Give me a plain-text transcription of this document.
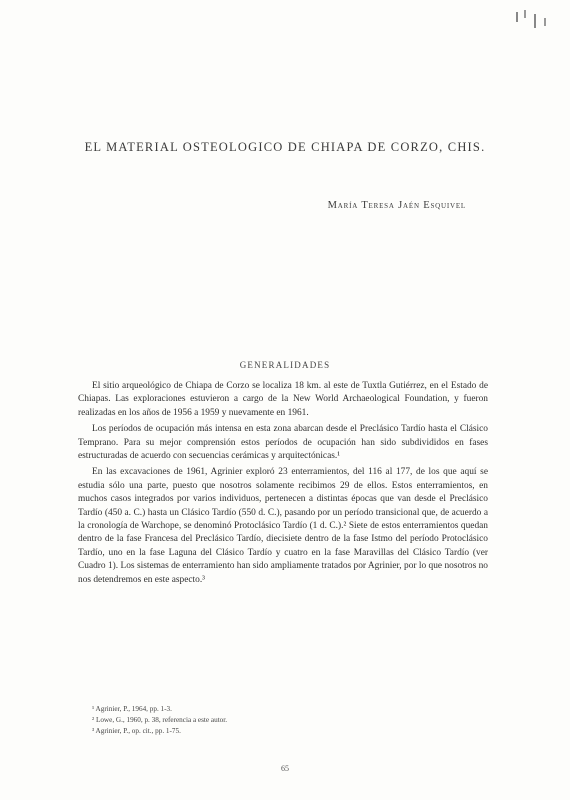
EL MATERIAL OSTEOLOGICO DE CHIAPA DE CORZO, CHIS.
María Teresa Jaén Esquivel
GENERALIDADES

El sitio arqueológico de Chiapa de Corzo se localiza 18 km. al este de Tuxtla Gutiérrez, en el Estado de Chiapas. Las exploraciones estuvieron a cargo de la New World Archaeological Foundation, y fueron realizadas en los años de 1956 a 1959 y nuevamente en 1961.

Los períodos de ocupación más intensa en esta zona abarcan desde el Preclásico Tardío hasta el Clásico Temprano. Para su mejor comprensión estos períodos de ocupación han sido subdivididos en fases estructuradas de acuerdo con secuencias cerámicas y arquitectónicas.¹

En las excavaciones de 1961, Agrinier exploró 23 enterramientos, del 116 al 177, de los que aquí se estudia sólo una parte, puesto que nosotros solamente recibimos 29 de ellos. Estos enterramientos, en muchos casos integrados por varios individuos, pertenecen a distintas épocas que van desde el Preclásico Tardío (450 a. C.) hasta un Clásico Tardío (550 d. C.), pasando por un período transicional que, de acuerdo a la cronología de Warchope, se denominó Protoclásico Tardío (1 d. C.).² Siete de estos enterramientos quedan dentro de la fase Francesa del Preclásico Tardío, diecisiete dentro de la fase Istmo del período Protoclásico Tardío, uno en la fase Laguna del Clásico Tardío y cuatro en la fase Maravillas del Clásico Tardío (ver Cuadro 1). Los sistemas de enterramiento han sido ampliamente tratados por Agrinier, por lo que nosotros no nos detendremos en este aspecto.³

¹ Agrinier, P., 1964, pp. 1-3.
² Lowe, G., 1960, p. 38, referencia a este autor.
³ Agrinier, P., op. cit., pp. 1-75.
65
